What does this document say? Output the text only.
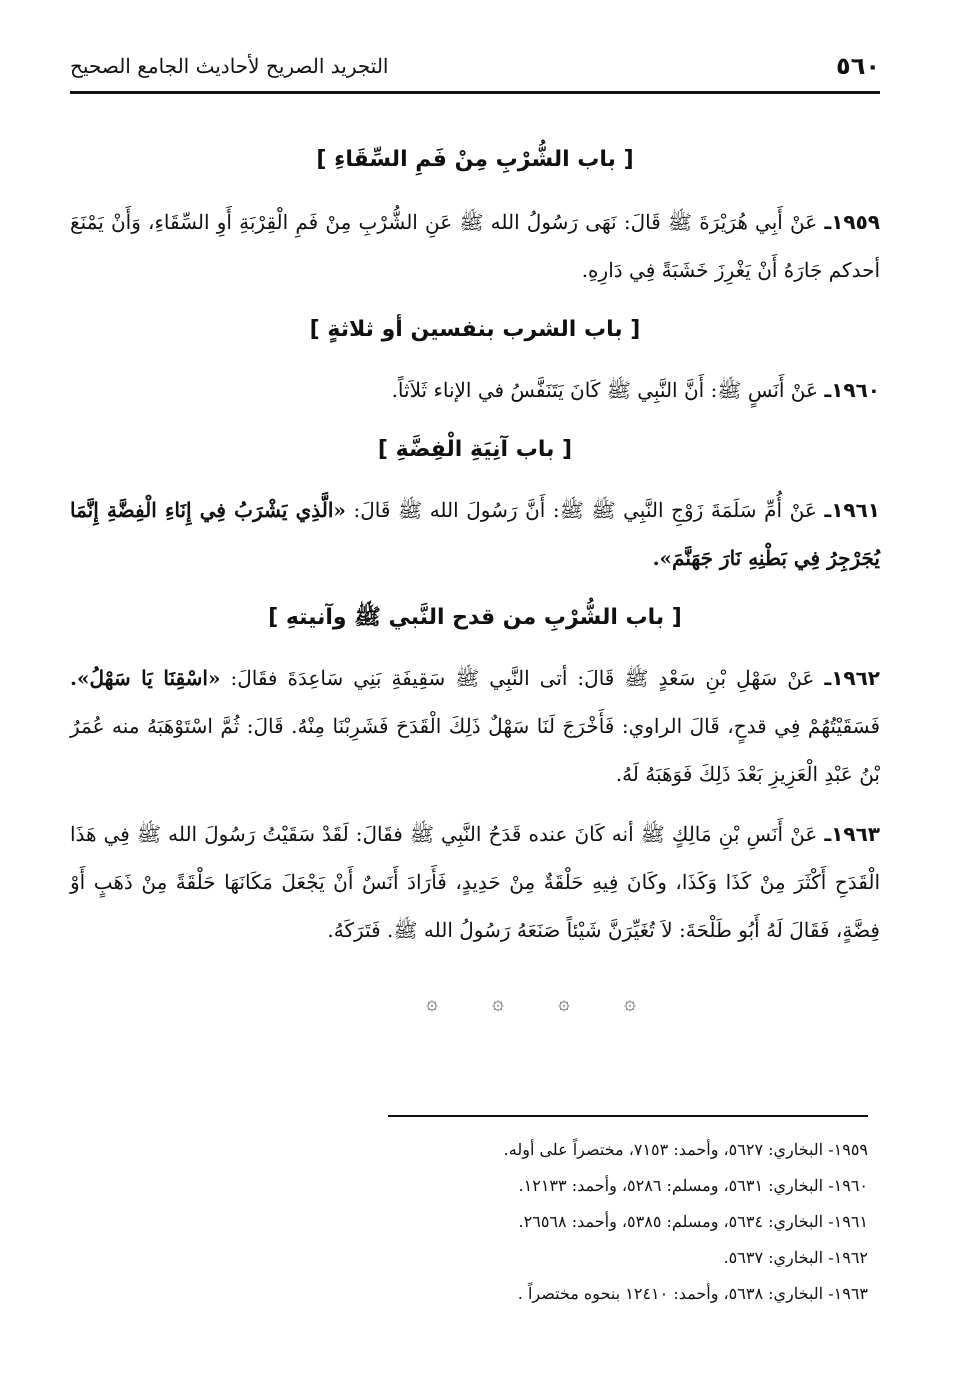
٥٦٠
التجريد الصريح لأحاديث الجامع الصحيح
[ باب الشُّرْبِ مِنْ فَمِ السِّقَاءِ ]

١٩٥٩ـ عَنْ أَبِي هُرَيْرَةَ ﷺ قَالَ: نَهَى رَسُولُ الله ﷺ عَنِ الشُّرْبِ مِنْ فَمِ الْقِرْبَةِ أَوِ السِّقَاءِ، وَأَنْ يَمْنَعَ أحدكم جَارَهُ أَنْ يَغْرِزَ خَشَبَةً فِي دَارِهِ.

[ باب الشرب بنفسين أو ثلاثةٍ ]

١٩٦٠ـ عَنْ أَنَسٍ ﷺ: أَنَّ النَّبِي ﷺ كَانَ يَتَنَفَّسُ في الإناء ثَلاَثاً.

[ باب آنِيَةِ الْفِضَّةِ ]

١٩٦١ـ عَنْ أُمِّ سَلَمَةَ زَوْجِ النَّبِي ﷺ ﷺ: أَنَّ رَسُولَ الله ﷺ قَالَ: «الَّذِي يَشْرَبُ فِي إِنَاءِ الْفِضَّةِ إِنَّمَا يُجَرْجِرُ فِي بَطْنِهِ نَارَ جَهَنَّمَ».

[ باب الشُّرْبِ من قدح النَّبي ﷺ وآنيتهِ ]

١٩٦٢ـ عَنْ سَهْلِ بْنِ سَعْدٍ ﷺ قَالَ: أتى النَّبِي ﷺ سَقِيفَةِ بَنِي سَاعِدَةَ فقَالَ: «اسْقِنَا يَا سَهْلُ». فَسَقَيْتُهُمْ فِي قدحٍ، قَالَ الراوي: فَأَخْرَجَ لَنَا سَهْلٌ ذَلِكَ الْقَدَحَ فَشَرِبْنَا مِنْهُ. قَالَ: ثُمَّ اسْتَوْهَبَهُ منه عُمَرُ بْنُ عَبْدِ الْعَزِيزِ بَعْدَ ذَلِكَ فَوَهَبَهُ لَهُ.

١٩٦٣ـ عَنْ أَنَسِ بْنِ مَالِكٍ ﷺ أنه كَانَ عنده قَدَحُ النَّبِي ﷺ فقَالَ: لَقَدْ سَقَيْتُ رَسُولَ الله ﷺ فِي هَذَا الْقَدَحِ أَكْثَرَ مِنْ كَذَا وَكَذَا، وكَانَ فِيهِ حَلْقَةٌ مِنْ حَدِيدٍ، فَأَرَادَ أَنَسٌ أَنْ يَجْعَلَ مَكَانَهَا حَلْقَةً مِنْ ذَهَبٍ أَوْ فِضَّةٍ، فَقَالَ لَهُ أَبُو طَلْحَةَ: لاَ تُغَيِّرَنَّ شَيْئاً صَنَعَهُ رَسُولُ الله ﷺ. فَتَرَكَهُ.

۞	۞	۞	۞
١٩٥٩- البخاري: ٥٦٢٧، وأحمد: ٧١٥٣، مختصراً على أوله.
١٩٦٠- البخاري: ٥٦٣١، ومسلم: ٥٢٨٦، وأحمد: ١٢١٣٣.
١٩٦١- البخاري: ٥٦٣٤، ومسلم: ٥٣٨٥، وأحمد: ٢٦٥٦٨.
١٩٦٢- البخاري: ٥٦٣٧.
١٩٦٣- البخاري: ٥٦٣٨، وأحمد: ١٢٤١٠ بنحوه مختصراً .
